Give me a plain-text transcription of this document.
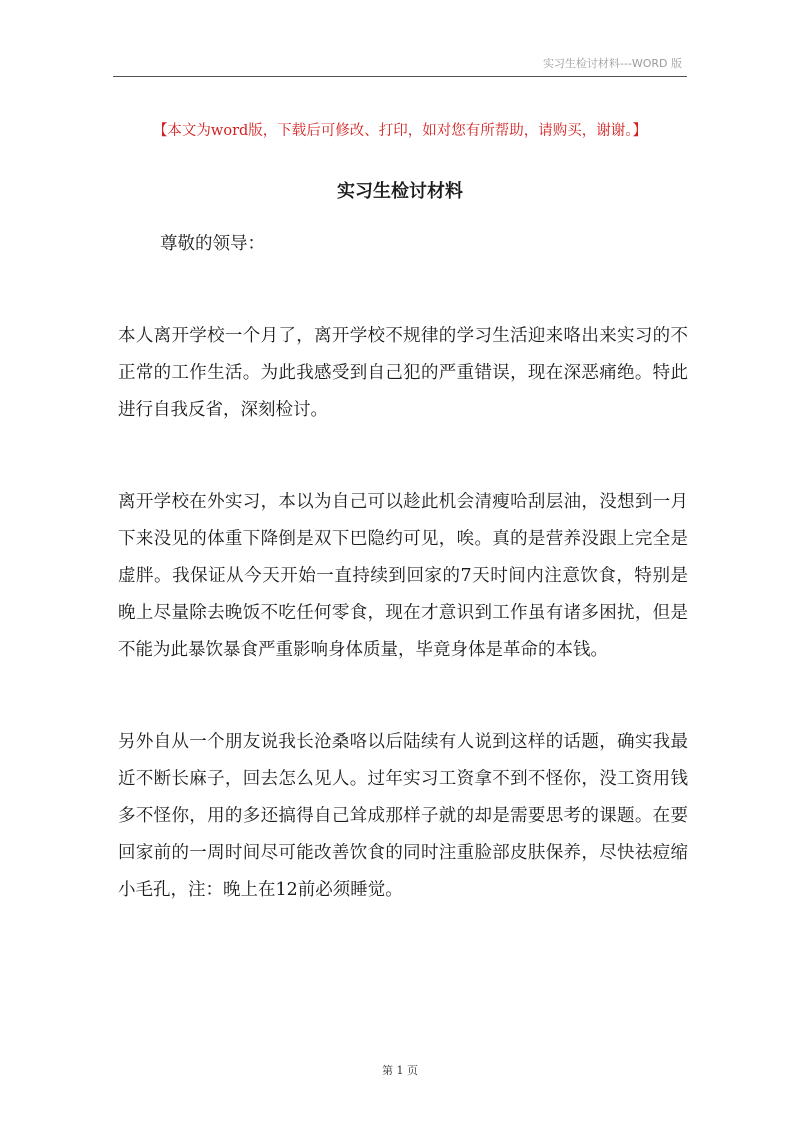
实习生检讨材料---WORD 版
【本文为word版，下载后可修改、打印，如对您有所帮助，请购买，谢谢。】
实习生检讨材料

尊敬的领导：

本人离开学校一个月了，离开学校不规律的学习生活迎来咯出来实习的不正常的工作生活。为此我感受到自己犯的严重错误，现在深恶痛绝。特此进行自我反省，深刻检讨。

离开学校在外实习，本以为自己可以趁此机会清瘦哈刮层油，没想到一月下来没见的体重下降倒是双下巴隐约可见，唉。真的是营养没跟上完全是虚胖。我保证从今天开始一直持续到回家的7天时间内注意饮食，特别是晚上尽量除去晚饭不吃任何零食，现在才意识到工作虽有诸多困扰，但是不能为此暴饮暴食严重影响身体质量，毕竟身体是革命的本钱。

另外自从一个朋友说我长沧桑咯以后陆续有人说到这样的话题，确实我最近不断长麻子，回去怎么见人。过年实习工资拿不到不怪你，没工资用钱多不怪你，用的多还搞得自己耸成那样子就的却是需要思考的课题。在要回家前的一周时间尽可能改善饮食的同时注重脸部皮肤保养，尽快祛痘缩小毛孔，注：晚上在12前必须睡觉。

第 1 页
